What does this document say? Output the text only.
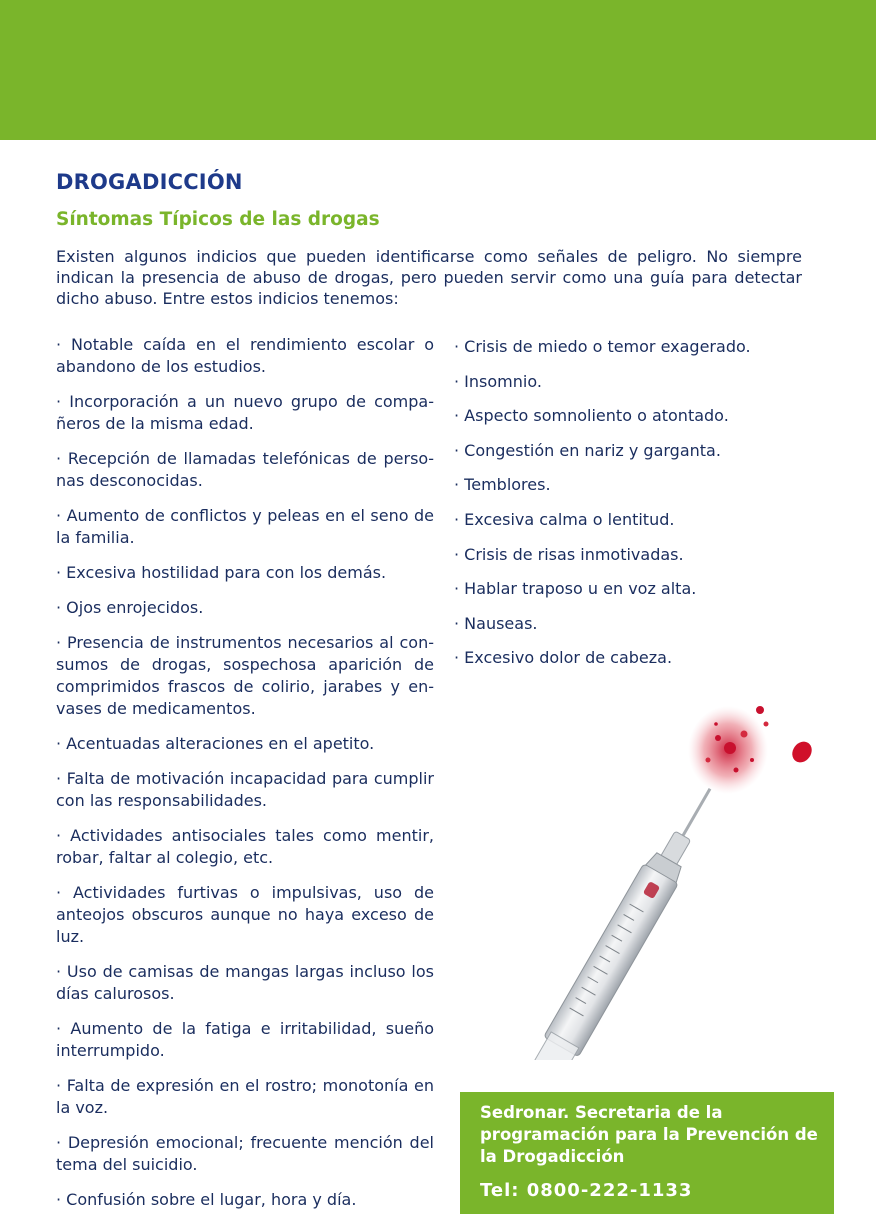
DROGADICCIÓN
Síntomas Típicos de las drogas
Existen algunos indicios que pueden identificarse como señales de peligro. No siempre indican la presencia de abuso de drogas, pero pueden servir como una guía para detectar dicho abuso. Entre estos indicios tenemos:

· Notable caída en el rendimiento escolar o abandono de los estudios.

· Incorporación a un nuevo grupo de compañeros de la misma edad.

· Recepción de llamadas telefónicas de personas desconocidas.

· Aumento de conflictos y peleas en el seno de la familia.

· Excesiva hostilidad para con los demás.

· Ojos enrojecidos.

· Presencia de instrumentos necesarios al consumos de drogas, sospechosa aparición de comprimidos frascos de colirio, jarabes y envases de medicamentos.

· Acentuadas alteraciones en el apetito.

· Falta de motivación incapacidad para cumplir con las responsabilidades.

· Actividades antisociales tales como mentir, robar, faltar al colegio, etc.

· Actividades furtivas o impulsivas, uso de anteojos obscuros aunque no haya exceso de luz.

· Uso de camisas de mangas largas incluso los días calurosos.

· Aumento de la fatiga e irritabilidad, sueño interrumpido.

· Falta de expresión en el rostro; monotonía en la voz.

· Depresión emocional; frecuente mención del tema del suicidio.

· Confusión sobre el lugar, hora y día.

· Crisis de miedo o temor exagerado.

· Insomnio.

· Aspecto somnoliento o atontado.

· Congestión en nariz y garganta.

· Temblores.

· Excesiva calma o lentitud.

· Crisis de risas inmotivadas.

· Hablar traposo u en voz alta.

· Nauseas.

· Excesivo dolor de cabeza.

Sedronar. Secretaria de la programación para la Prevención de la Drogadicción
Tel: 0800-222-1133
